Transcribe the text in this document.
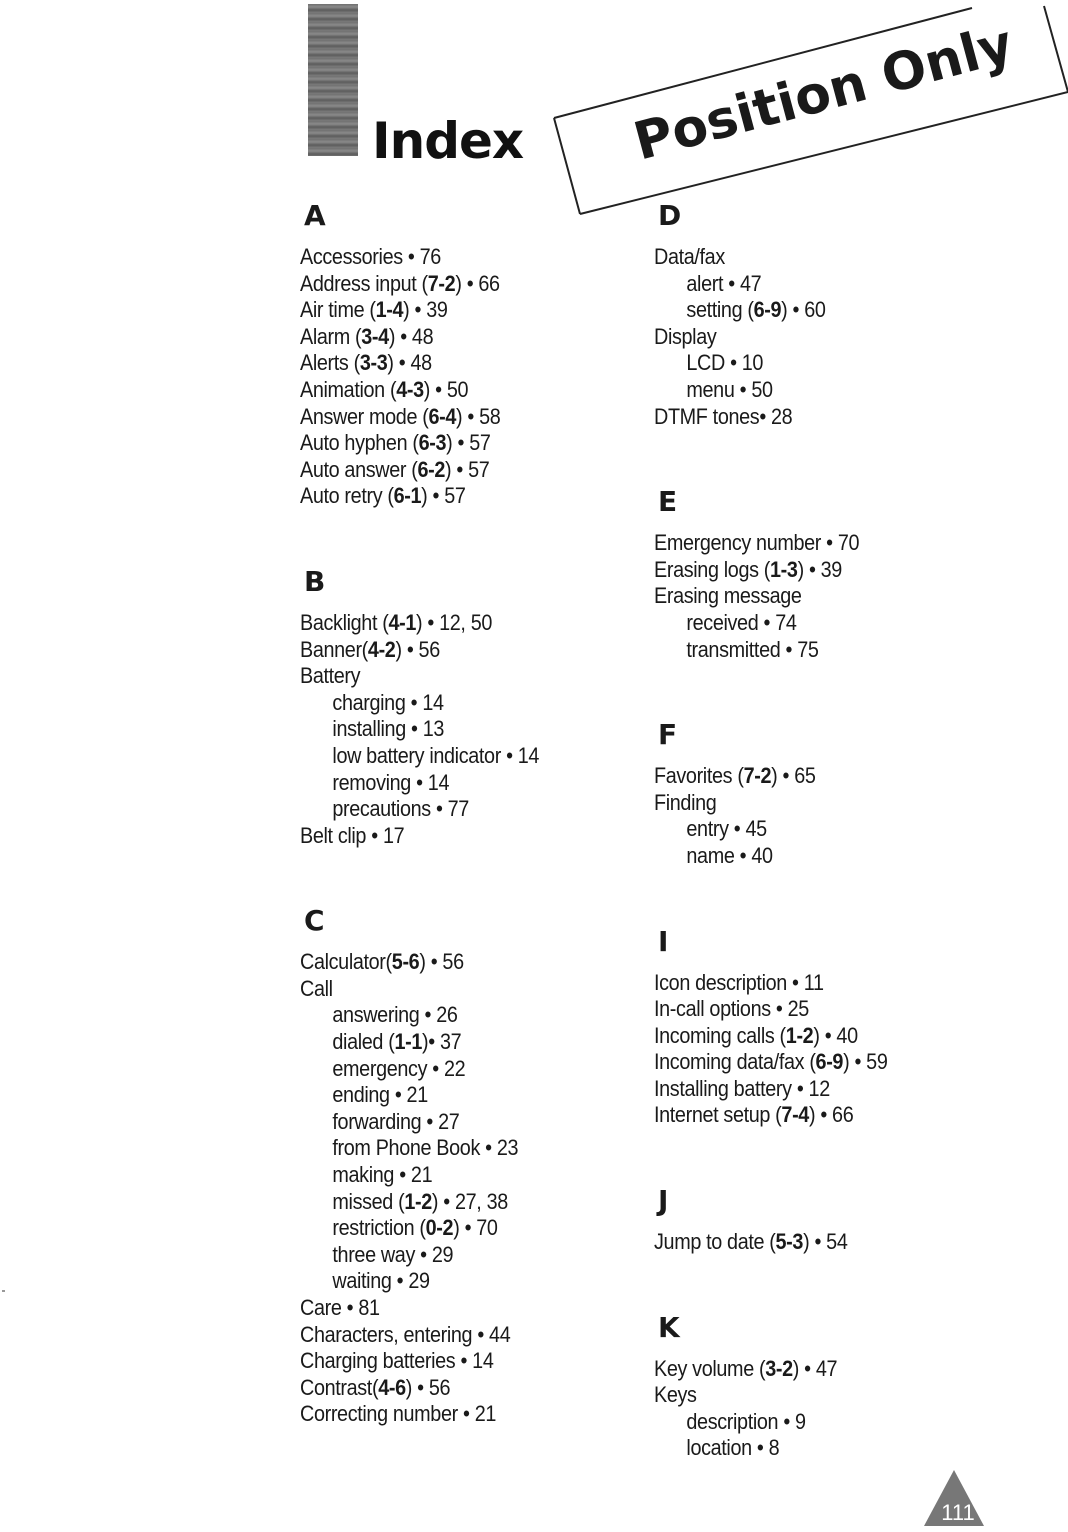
Index Position Only
A
Accessories • 76
Address input (7-2) • 66
Air time (1-4) • 39
Alarm (3-4) • 48
Alerts (3-3) • 48
Animation (4-3) • 50
Answer mode (6-4) • 58
Auto hyphen (6-3) • 57
Auto answer (6-2) • 57
Auto retry (6-1) • 57
B
Backlight (4-1) • 12, 50
Banner(4-2) • 56
Battery
charging • 14
installing • 13
low battery indicator • 14
removing • 14
precautions • 77
Belt clip • 17
C
Calculator(5-6) • 56
Call
answering • 26
dialed (1-1)• 37
emergency • 22
ending • 21
forwarding • 27
from Phone Book • 23
making • 21
missed (1-2) • 27, 38
restriction (0-2) • 70
three way • 29
waiting • 29
Care • 81
Characters, entering • 44
Charging batteries • 14
Contrast(4-6) • 56
Correcting number • 21
D
Data/fax
alert • 47
setting (6-9) • 60
Display
LCD • 10
menu • 50
DTMF tones• 28
E
Emergency number • 70
Erasing logs (1-3) • 39
Erasing message
received • 74
transmitted • 75
F
Favorites (7-2) • 65
Finding
entry • 45
name • 40
I
Icon description • 11
In-call options • 25
Incoming calls (1-2) • 40
Incoming data/fax (6-9) • 59
Installing battery • 12
Internet setup (7-4) • 66
J
Jump to date (5-3) • 54
K
Key volume (3-2) • 47
Keys
description • 9
location • 8
111
